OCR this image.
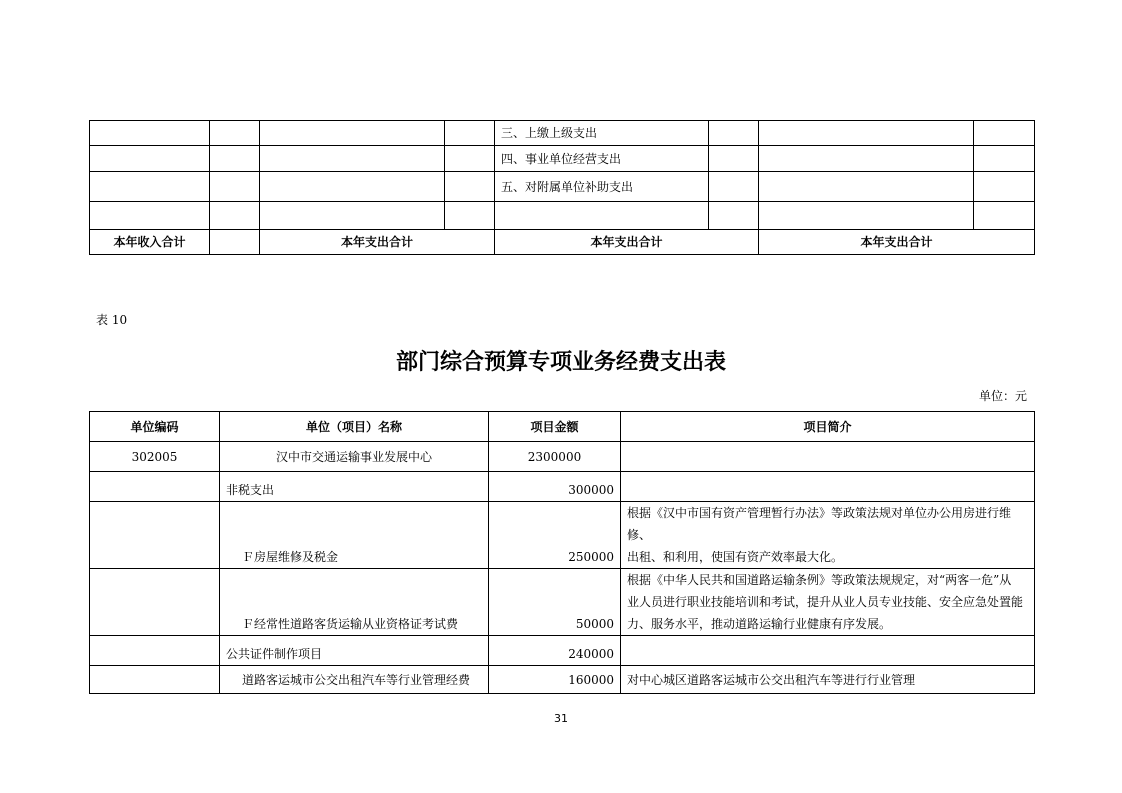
				三、上缴上级支出			
				四、事业单位经营支出			
				五、对附属单位补助支出			

本年收入合计		本年支出合计		本年支出合计		本年支出合计	
表 10
部门综合预算专项业务经费支出表
单位：元
单位编码	单位（项目）名称	项目金额	项目简介
302005	汉中市交通运输事业发展中心	2300000	
	非税支出	300000	
	Ｆ房屋维修及税金	250000	根据《汉中市国有资产管理暂行办法》等政策法规对单位办公用房进行维修、
出租、和利用，使国有资产效率最大化。

	Ｆ经常性道路客货运输从业资格证考试费	50000	根据《中华人民共和国道路运输条例》等政策法规规定，对“两客一危”从
业人员进行职业技能培训和考试，提升从业人员专业技能、安全应急处置能
力、服务水平，推动道路运输行业健康有序发展。

	公共证件制作项目	240000	
	道路客运城市公交出租汽车等行业管理经费	160000	对中心城区道路客运城市公交出租汽车等进行行业管理
31
